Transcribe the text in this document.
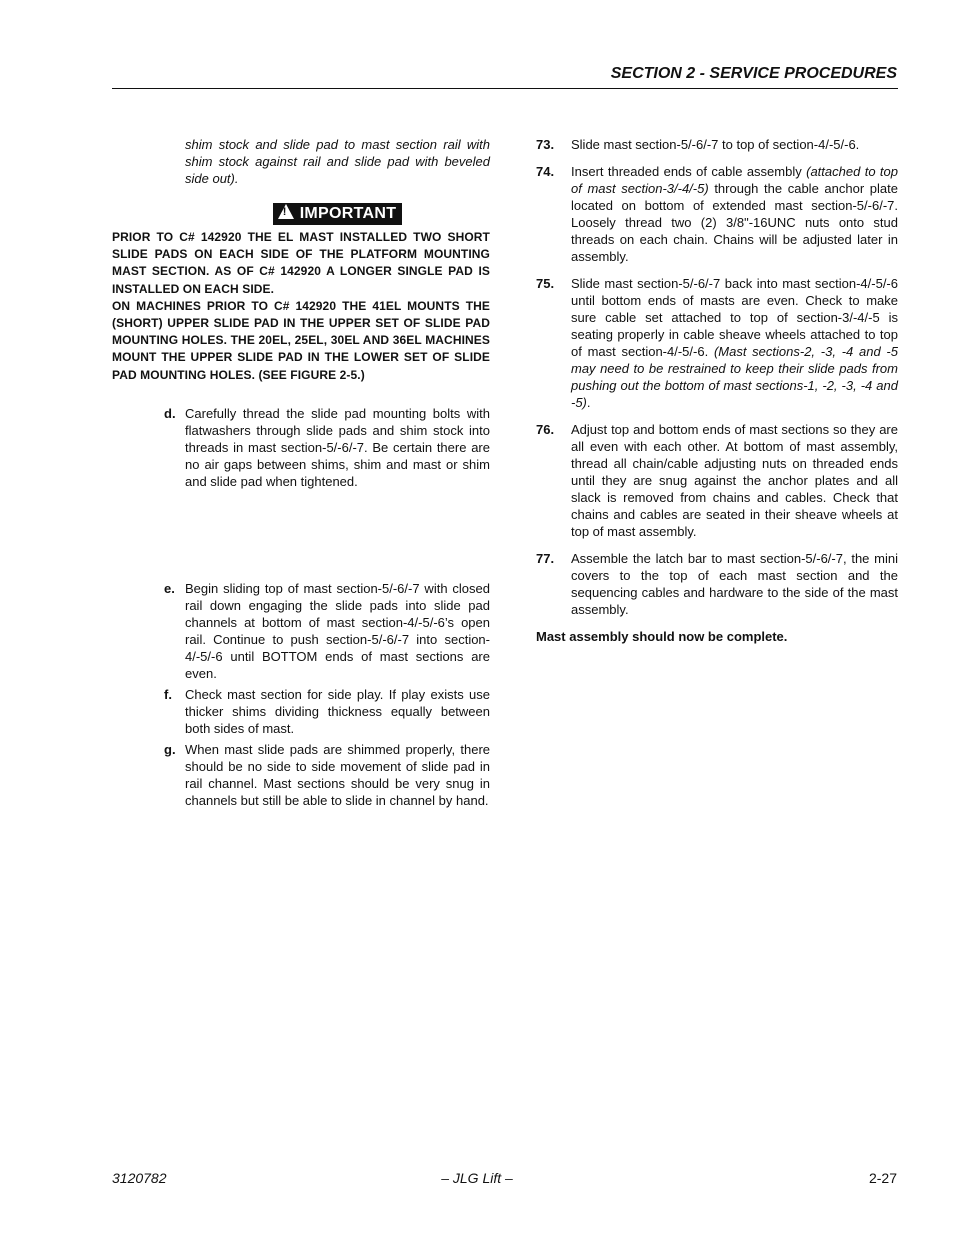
SECTION 2 - SERVICE PROCEDURES

shim stock and slide pad to mast section rail with shim stock against rail and slide pad with beveled side out).

!IMPORTANT

PRIOR TO C# 142920 THE EL MAST INSTALLED TWO SHORT SLIDE PADS ON EACH SIDE OF THE PLATFORM MOUNTING MAST SECTION. AS OF C# 142920 A LONGER SINGLE PAD IS INSTALLED ON EACH SIDE.

ON MACHINES PRIOR TO C# 142920 THE 41EL MOUNTS THE (SHORT) UPPER SLIDE PAD IN THE UPPER SET OF SLIDE PAD MOUNTING HOLES. THE 20EL, 25EL, 30EL AND 36EL MACHINES MOUNT THE UPPER SLIDE PAD IN THE LOWER SET OF SLIDE PAD MOUNTING HOLES. (SEE FIGURE 2-5.)

d. Carefully thread the slide pad mounting bolts with flatwashers through slide pads and shim stock into threads in mast section-5/-6/-7. Be certain there are no air gaps between shims, shim and mast or shim and slide pad when tightened.

e. Begin sliding top of mast section-5/-6/-7 with closed rail down engaging the slide pads into slide pad channels at bottom of mast section-4/-5/-6’s open rail. Continue to push section-5/-6/-7 into section-4/-5/-6 until BOTTOM ends of mast sections are even.

f. Check mast section for side play. If play exists use thicker shims dividing thickness equally between both sides of mast.

g. When mast slide pads are shimmed properly, there should be no side to side movement of slide pad in rail channel. Mast sections should be very snug in channels but still be able to slide in channel by hand.

73. Slide mast section-5/-6/-7 to top of section-4/-5/-6.

74. Insert threaded ends of cable assembly (attached to top of mast section-3/-4/-5) through the cable anchor plate located on bottom of extended mast section-5/-6/-7. Loosely thread two (2) 3/8"-16UNC nuts onto stud threads on each chain. Chains will be adjusted later in assembly.

75. Slide mast section-5/-6/-7 back into mast section-4/-5/-6 until bottom ends of masts are even. Check to make sure cable set attached to top of section-3/-4/-5 is seating properly in cable sheave wheels attached to top of mast section-4/-5/-6. (Mast sections-2, -3, -4 and -5 may need to be restrained to keep their slide pads from pushing out the bottom of mast sections-1, -2, -3, -4 and -5).

76. Adjust top and bottom ends of mast sections so they are all even with each other. At bottom of mast assembly, thread all chain/cable adjusting nuts on threaded ends until they are snug against the anchor plates and all slack is removed from chains and cables. Check that chains and cables are seated in their sheave wheels at top of mast assembly.

77. Assemble the latch bar to mast section-5/-6/-7, the mini covers to the top of each mast section and the sequencing cables and hardware to the side of the mast assembly.

Mast assembly should now be complete.

3120782	– JLG Lift –	2-27
